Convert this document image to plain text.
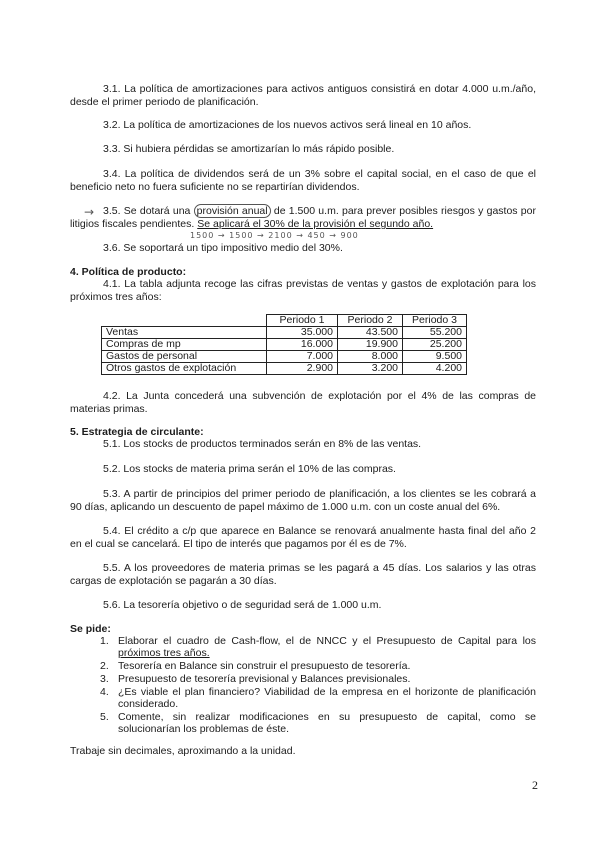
3.1. La política de amortizaciones para activos antiguos consistirá en dotar 4.000 u.m./año, desde el primer periodo de planificación.
3.2. La política de amortizaciones de los nuevos activos será lineal en 10 años.
3.3. Si hubiera pérdidas se amortizarían lo más rápido posible.
3.4. La política de dividendos será de un 3% sobre el capital social, en el caso de que el beneficio neto no fuera suficiente no se repartirían dividendos.
3.5. Se dotará una provisión anual de 1.500 u.m. para prever posibles riesgos y gastos por litigios fiscales pendientes. Se aplicará el 30% de la provisión el segundo año.
→
1500 → 1500 → 2100 → 450 → 900
3.6. Se soportará un tipo impositivo medio del 30%.
4. Política de producto:
4.1. La tabla adjunta recoge las cifras previstas de ventas y gastos de explotación para los próximos tres años:
	Periodo 1	Periodo 2	Periodo 3
Ventas	35.000	43.500	55.200
Compras de mp	16.000	19.900	25.200
Gastos de personal	7.000	8.000	9.500
Otros gastos de explotación	2.900	3.200	4.200
4.2. La Junta concederá una subvención de explotación por el 4% de las compras de materias primas.
5. Estrategia de circulante:
5.1. Los stocks de productos terminados serán en 8% de las ventas.
5.2. Los stocks de materia prima serán el 10% de las compras.
5.3. A partir de principios del primer periodo de planificación, a los clientes se les cobrará a 90 días, aplicando un descuento de papel máximo de 1.000 u.m. con un coste anual del 6%.
5.4. El crédito a c/p que aparece en Balance se renovará anualmente hasta final del año 2 en el cual se cancelará. El tipo de interés que pagamos por él es de 7%.
5.5. A los proveedores de materia primas se les pagará a 45 días. Los salarios y las otras cargas de explotación se pagarán a 30 días.
5.6. La tesorería objetivo o de seguridad será de 1.000 u.m.
Se pide:
1. Elaborar el cuadro de Cash-flow, el de NNCC y el Presupuesto de Capital para los próximos tres años.
2. Tesorería en Balance sin construir el presupuesto de tesorería.
3. Presupuesto de tesorería previsional y Balances previsionales.
4. ¿Es viable el plan financiero? Viabilidad de la empresa en el horizonte de planificación considerado.
5. Comente, sin realizar modificaciones en su presupuesto de capital, como se solucionarían los problemas de éste.
Trabaje sin decimales, aproximando a la unidad.
2
